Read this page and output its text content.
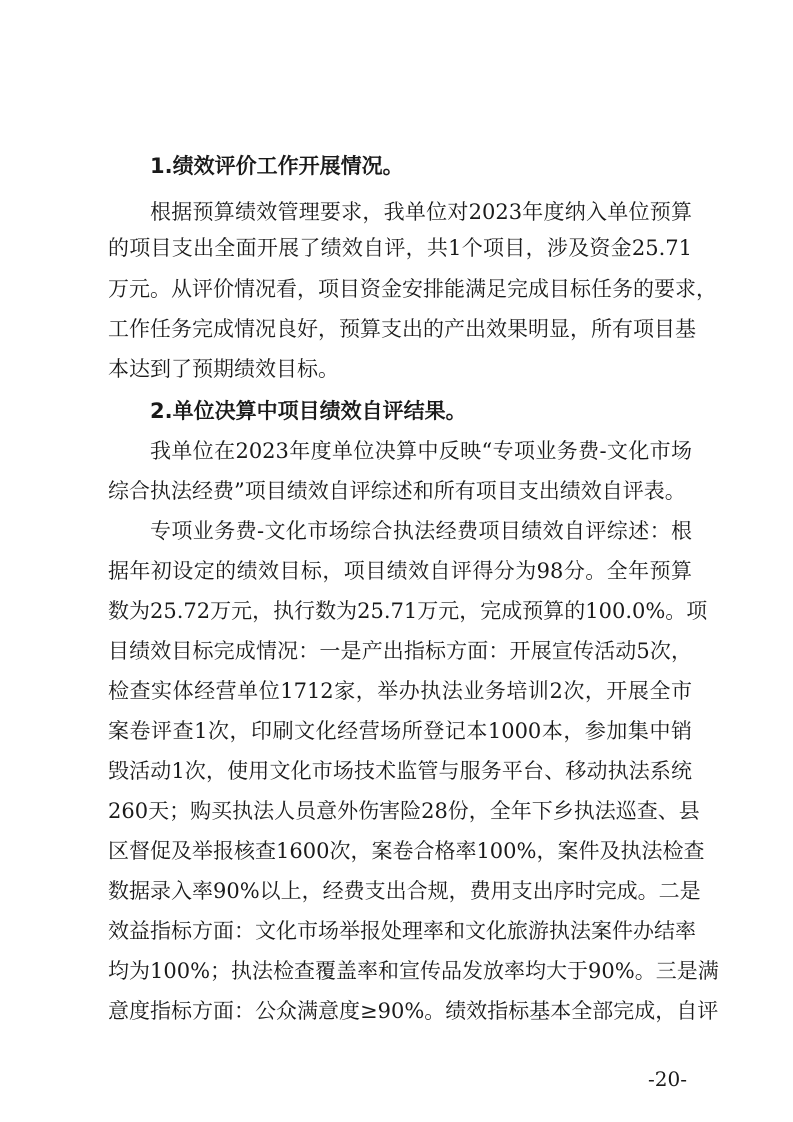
1.绩效评价工作开展情况。
根据预算绩效管理要求，我单位对2023年度纳入单位预算
的项目支出全面开展了绩效自评，共1个项目，涉及资金25.71
万元。从评价情况看，项目资金安排能满足完成目标任务的要求，
工作任务完成情况良好，预算支出的产出效果明显，所有项目基
本达到了预期绩效目标。
2.单位决算中项目绩效自评结果。
我单位在2023年度单位决算中反映“专项业务费-文化市场
综合执法经费”项目绩效自评综述和所有项目支出绩效自评表。
专项业务费-文化市场综合执法经费项目绩效自评综述：根
据年初设定的绩效目标，项目绩效自评得分为98分。全年预算
数为25.72万元，执行数为25.71万元，完成预算的100.0%。项
目绩效目标完成情况：一是产出指标方面：开展宣传活动5次，
检查实体经营单位1712家，举办执法业务培训2次，开展全市
案卷评查1次，印刷文化经营场所登记本1000本，参加集中销
毁活动1次，使用文化市场技术监管与服务平台、移动执法系统
260天；购买执法人员意外伤害险28份，全年下乡执法巡查、县
区督促及举报核查1600次，案卷合格率100%，案件及执法检查
数据录入率90%以上，经费支出合规，费用支出序时完成。二是
效益指标方面：文化市场举报处理率和文化旅游执法案件办结率
均为100%；执法检查覆盖率和宣传品发放率均大于90%。三是满
意度指标方面：公众满意度≥90%。绩效指标基本全部完成，自评
-20-
